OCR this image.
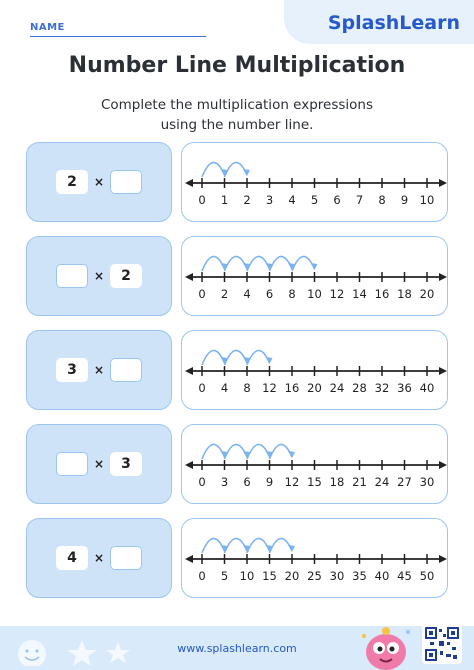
NAME	SplashLearn
Number Line Multiplication
Complete the multiplication expressions
using the number line.
2	×
0 1 2 3 4 5 6 7 8 9 10
×	2
0 2 4 6 8 10 12 14 16 18 20
3	×
0 4 8 12 16 20 24 28 32 36 40
×	3
0 3 6 9 12 15 18 21 24 27 30
4	×
0 5 10 15 20 25 30 35 40 45 50
www.splashlearn.com
